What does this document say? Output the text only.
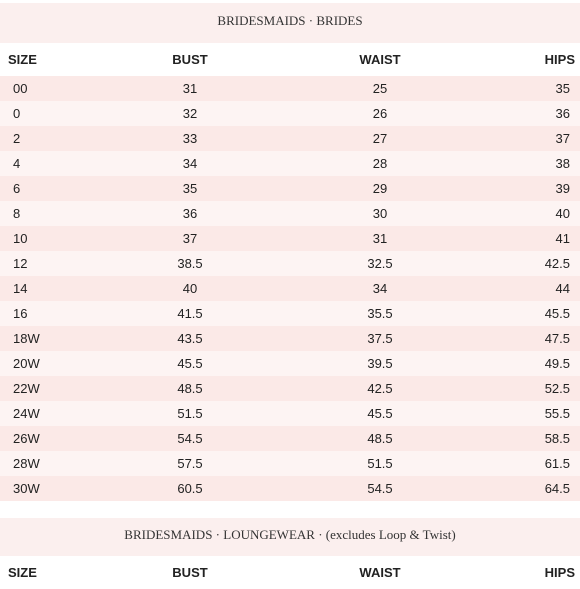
BRIDESMAIDS · BRIDES
SIZE	BUST	WAIST	HIPS
00	31	25	35
0	32	26	36
2	33	27	37
4	34	28	38
6	35	29	39
8	36	30	40
10	37	31	41
12	38.5	32.5	42.5
14	40	34	44
16	41.5	35.5	45.5
18W	43.5	37.5	47.5
20W	45.5	39.5	49.5
22W	48.5	42.5	52.5
24W	51.5	45.5	55.5
26W	54.5	48.5	58.5
28W	57.5	51.5	61.5
30W	60.5	54.5	64.5
BRIDESMAIDS · LOUNGEWEAR · (excludes Loop & Twist)
SIZE	BUST	WAIST	HIPS
